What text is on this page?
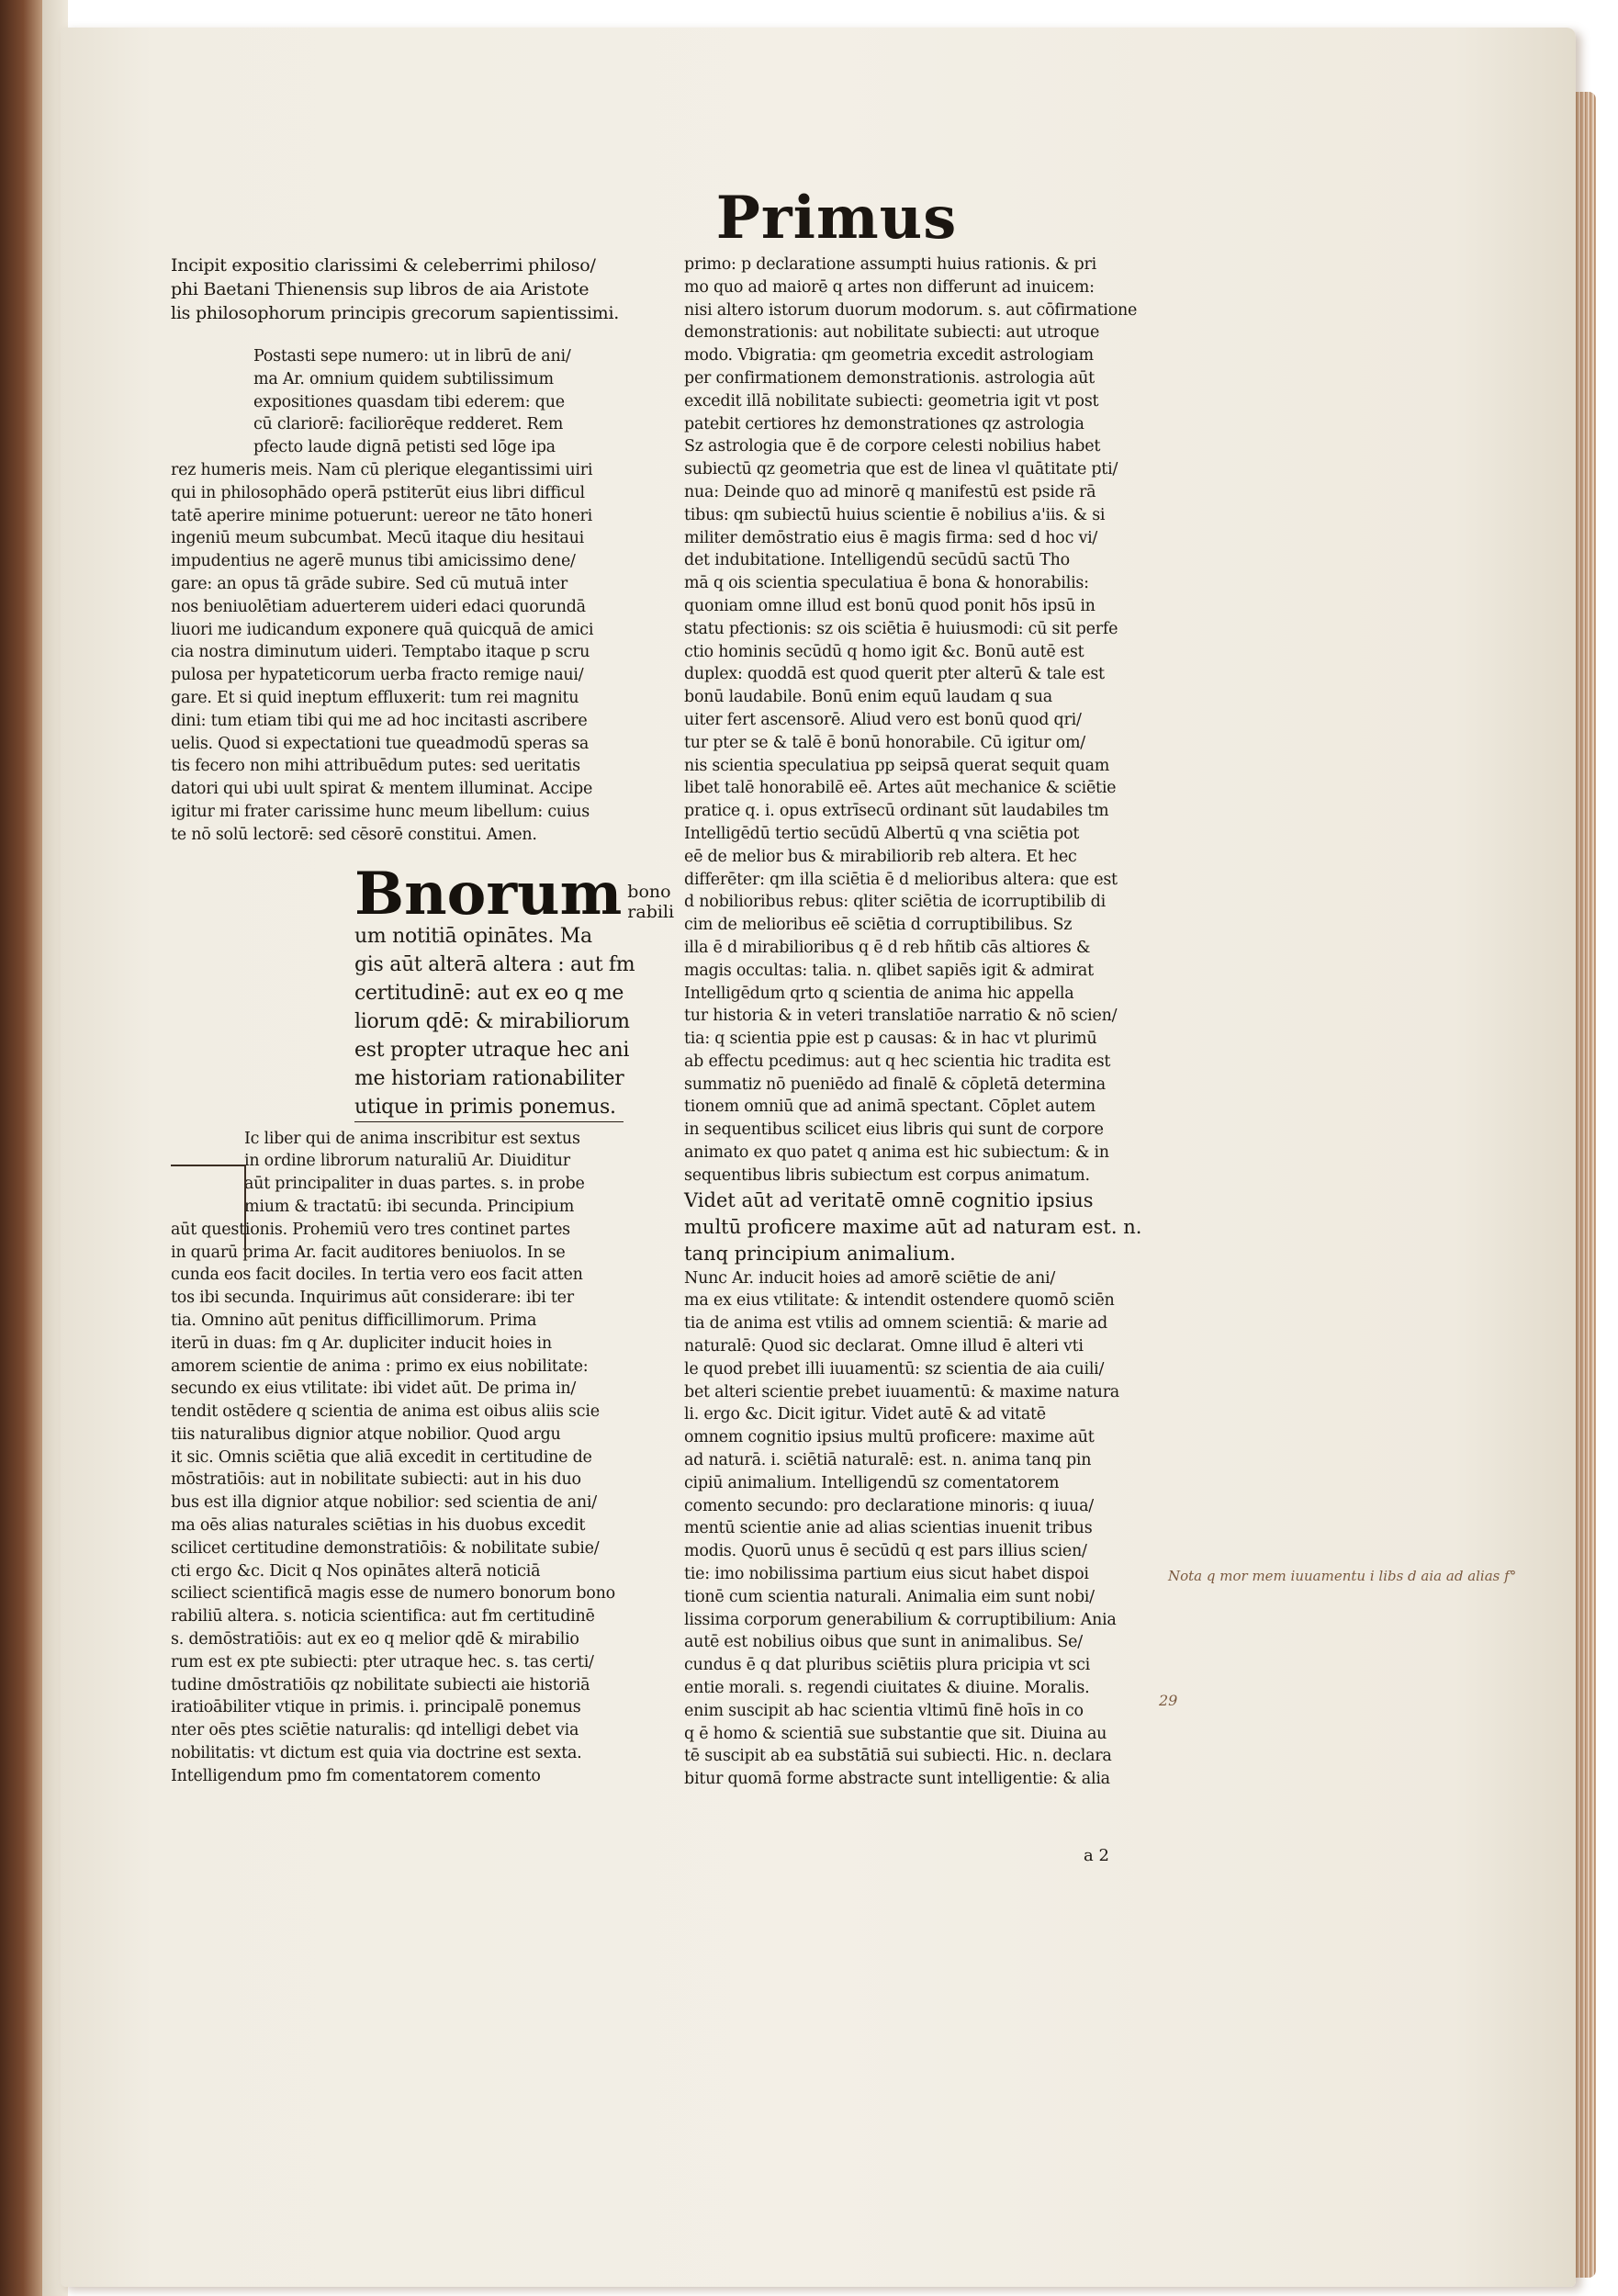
Primus

Incipit expositio clarissimi & celeberrimi philoso/

phi Baetani Thienensis sup libros de aia Aristote

lis philosophorum principis grecorum sapientissimi.

Postasti sepe numero: ut in librū de ani/

ma Ar. omnium quidem subtilissimum

expositiones quasdam tibi ederem: que

cū clariorē: faciliorēque redderet. Rem

pfecto laude dignā petisti sed lōge ipa

rez humeris meis. Nam cū plerique elegantissimi uiri

qui in philosophādo operā pstiterūt eius libri difficul

tatē aperire minime potuerunt: uereor ne tāto honeri

ingeniū meum subcumbat. Mecū itaque diu hesitaui

impudentius ne agerē munus tibi amicissimo dene/

gare: an opus tā grāde subire. Sed cū mutuā inter

nos beniuolētiam aduerterem uideri edaci quorundā

liuori me iudicandum exponere quā quicquā de amici

cia nostra diminutum uideri. Temptabo itaque p scru

pulosa per hypateticorum uerba fracto remige naui/

gare. Et si quid ineptum effluxerit: tum rei magnitu

dini: tum etiam tibi qui me ad hoc incitasti ascribere

uelis. Quod si expectationi tue queadmodū speras sa

tis fecero non mihi attribuēdum putes: sed ueritatis

datori qui ubi uult spirat & mentem illuminat. Accipe

igitur mi frater carissime hunc meum libellum: cuius

te nō solū lectorē: sed cēsorē constitui. Amen.

Bnorum bono
rabili

um notitiā opinātes. Ma

gis aūt alterā altera : aut fm

certitudinē: aut ex eo q me

liorum qdē: & mirabiliorum

est propter utraque hec ani

me historiam rationabiliter

utique in primis ponemus.

Ic liber qui de anima inscribitur est sextus

in ordine librorum naturaliū Ar. Diuiditur

aūt principaliter in duas partes. s. in probe

mium & tractatū: ibi secunda. Principium

aūt questionis. Prohemiū vero tres continet partes

in quarū prima Ar. facit auditores beniuolos. In se

cunda eos facit dociles. In tertia vero eos facit atten

tos ibi secunda. Inquirimus aūt considerare: ibi ter

tia. Omnino aūt penitus difficillimorum. Prima

iterū in duas: fm q Ar. dupliciter inducit hoies in

amorem scientie de anima : primo ex eius nobilitate:

secundo ex eius vtilitate: ibi videt aūt. De prima in/

tendit ostēdere q scientia de anima est oibus aliis scie

tiis naturalibus dignior atque nobilior. Quod argu

it sic. Omnis sciētia que aliā excedit in certitudine de

mōstratiōis: aut in nobilitate subiecti: aut in his duo

bus est illa dignior atque nobilior: sed scientia de ani/

ma oēs alias naturales sciētias in his duobus excedit

scilicet certitudine demonstratiōis: & nobilitate subie/

cti ergo &c. Dicit q Nos opinātes alterā noticiā

sciliect scientificā magis esse de numero bonorum bono

rabiliū altera. s. noticia scientifica: aut fm certitudinē

s. demōstratiōis: aut ex eo q melior qdē & mirabilio

rum est ex pte subiecti: pter utraque hec. s. tas certi/

tudine dmōstratiōis qz nobilitate subiecti aie historiā

iratioābiliter vtique in primis. i. principalē ponemus

nter oēs ptes sciētie naturalis: qd intelligi debet via

nobilitatis: vt dictum est quia via doctrine est sexta.

Intelligendum pmo fm comentatorem comento

primo: p declaratione assumpti huius rationis. & pri

mo quo ad maiorē q artes non differunt ad inuicem:

nisi altero istorum duorum modorum. s. aut cōfirmatione

demonstrationis: aut nobilitate subiecti: aut utroque

modo. Vbigratia: qm geometria excedit astrologiam

per confirmationem demonstrationis. astrologia aūt

excedit illā nobilitate subiecti: geometria igit vt post

patebit certiores hz demonstrationes qz astrologia

Sz astrologia que ē de corpore celesti nobilius habet

subiectū qz geometria que est de linea vl quātitate pti/

nua: Deinde quo ad minorē q manifestū est pside rā

tibus: qm subiectū huius scientie ē nobilius a'iis. & si

militer demōstratio eius ē magis firma: sed d hoc vi/

det indubitatione. Intelligendū secūdū sactū Tho

mā q ois scientia speculatiua ē bona & honorabilis:

quoniam omne illud est bonū quod ponit hōs ipsū in

statu pfectionis: sz ois sciētia ē huiusmodi: cū sit perfe

ctio hominis secūdū q homo igit &c. Bonū autē est

duplex: quoddā est quod querit pter alterū & tale est

bonū laudabile. Bonū enim equū laudam q sua

uiter fert ascensorē. Aliud vero est bonū quod qri/

tur pter se & talē ē bonū honorabile. Cū igitur om/

nis scientia speculatiua pp seipsā querat sequit quam

libet talē honorabilē eē. Artes aūt mechanice & sciētie

pratice q. i. opus extrīsecū ordinant sūt laudabiles tm

Intelligēdū tertio secūdū Albertū q vna sciētia pot

eē de melior bus & mirabiliorib reb altera. Et hec

differēter: qm illa sciētia ē d melioribus altera: que est

d nobilioribus rebus: qliter sciētia de icorruptibilib di

cim de melioribus eē sciētia d corruptibilibus. Sz

illa ē d mirabilioribus q ē d reb hñtib cās altiores &

magis occultas: talia. n. qlibet sapiēs igit & admirat

Intelligēdum qrto q scientia de anima hic appella

tur historia & in veteri translatiōe narratio & nō scien/

tia: q scientia ppie est p causas: & in hac vt plurimū

ab effectu pcedimus: aut q hec scientia hic tradita est

summatiz nō pueniēdo ad finalē & cōpletā determina

tionem omniū que ad animā spectant. Cōplet autem

in sequentibus scilicet eius libris qui sunt de corpore

animato ex quo patet q anima est hic subiectum: & in

sequentibus libris subiectum est corpus animatum.

Videt aūt ad veritatē omnē cognitio ipsius

multū proficere maxime aūt ad naturam est. n.

tanq principium animalium.

Nunc Ar. inducit hoies ad amorē sciētie de ani/

ma ex eius vtilitate: & intendit ostendere quomō sciēn

tia de anima est vtilis ad omnem scientiā: & marie ad

naturalē: Quod sic declarat. Omne illud ē alteri vti

le quod prebet illi iuuamentū: sz scientia de aia cuili/

bet alteri scientie prebet iuuamentū: & maxime natura

li. ergo &c. Dicit igitur. Videt autē & ad vitatē

omnem cognitio ipsius multū proficere: maxime aūt

ad naturā. i. sciētiā naturalē: est. n. anima tanq pin

cipiū animalium. Intelligendū sz comentatorem

comento secundo: pro declaratione minoris: q iuua/

mentū scientie anie ad alias scientias inuenit tribus

modis. Quorū unus ē secūdū q est pars illius scien/

tie: imo nobilissima partium eius sicut habet dispoi

tionē cum scientia naturali. Animalia eim sunt nobi/

lissima corporum generabilium & corruptibilium: Ania

autē est nobilius oibus que sunt in animalibus. Se/

cundus ē q dat pluribus sciētiis plura pricipia vt sci

entie morali. s. regendi ciuitates & diuine. Moralis.

enim suscipit ab hac scientia vltimū finē hoīs in co

q ē homo & scientiā sue substantie que sit. Diuina au

tē suscipit ab ea substātiā sui subiecti. Hic. n. declara

bitur quomā forme abstracte sunt intelligentie: & alia

a 2
Nota q mor mem iuuamentu i libs d aia ad alias f°
29
